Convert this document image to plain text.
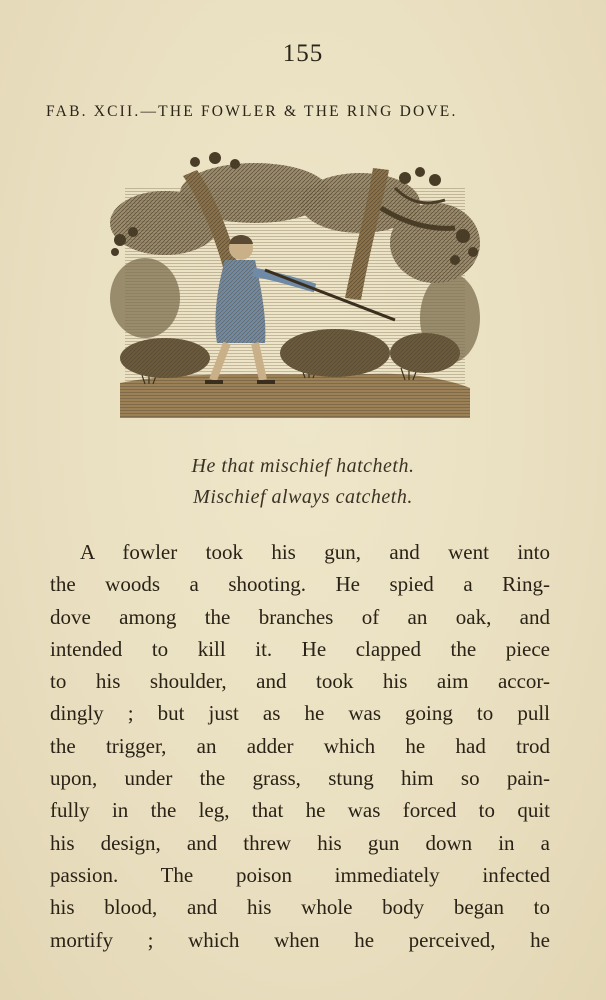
155
FAB. XCII.—THE FOWLER & THE RING DOVE.
He that mischief hatcheth.
Mischief always catcheth.
A fowler took his gun, and went into
the woods a shooting. He spied a Ring-
dove among the branches of an oak, and
intended to kill it. He clapped the piece
to his shoulder, and took his aim accor-
dingly ; but just as he was going to pull
the trigger, an adder which he had trod
upon, under the grass, stung him so pain-
fully in the leg, that he was forced to quit
his design, and threw his gun down in a
passion. The poison immediately infected
his blood, and his whole body began to
mortify ; which when he perceived, he
